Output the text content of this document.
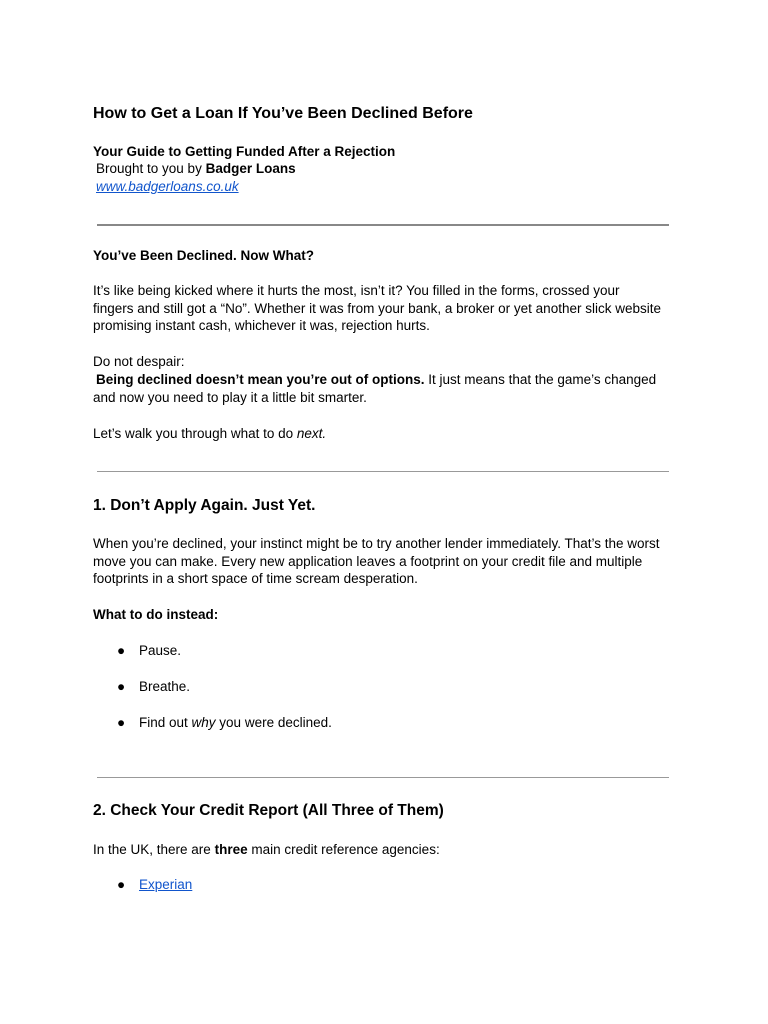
How to Get a Loan If You’ve Been Declined Before

Your Guide to Getting Funded After a Rejection

Brought to you by Badger Loans

www.badgerloans.co.uk

You’ve Been Declined. Now What?

It’s like being kicked where it hurts the most, isn’t it? You filled in the forms, crossed your fingers and still got a “No”. Whether it was from your bank, a broker or yet another slick website promising instant cash, whichever it was, rejection hurts.

Do not despair:

Being declined doesn’t mean you’re out of options. It just means that the game’s changed and now you need to play it a little bit smarter.

Let’s walk you through what to do next.

1. Don’t Apply Again. Just Yet.

When you’re declined, your instinct might be to try another lender immediately. That’s the worst move you can make. Every new application leaves a footprint on your credit file and multiple footprints in a short space of time scream desperation.

What to do instead:

● Pause.
● Breathe.
● Find out why you were declined.
2. Check Your Credit Report (All Three of Them)

In the UK, there are three main credit reference agencies:

● Experian
